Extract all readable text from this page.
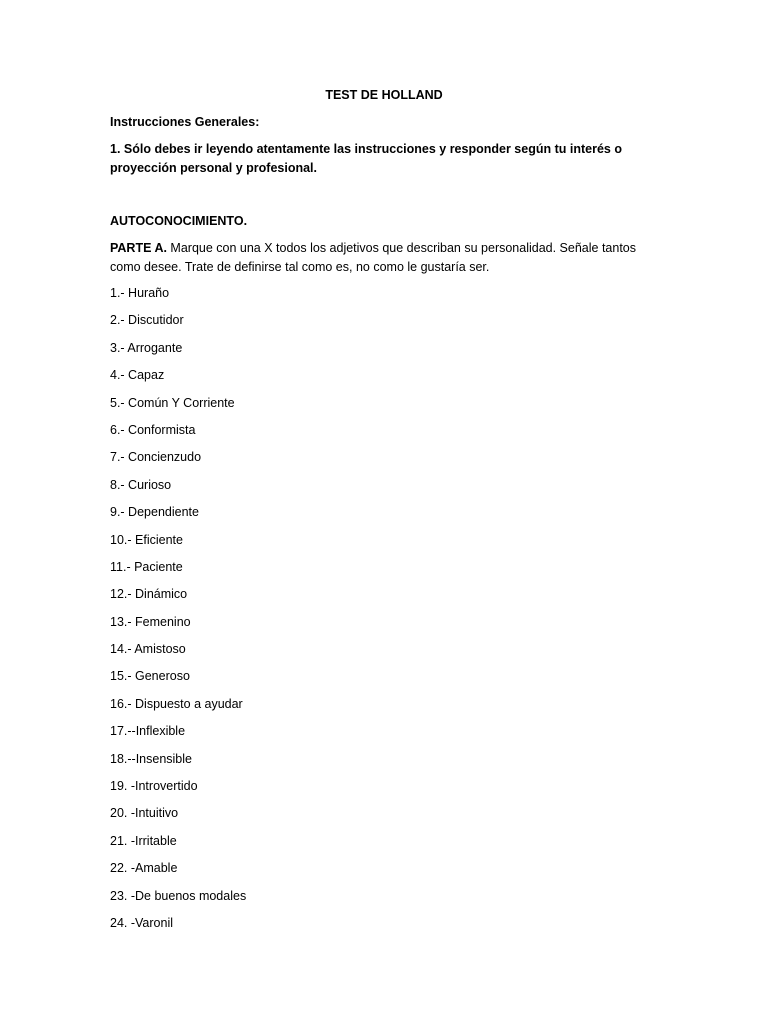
TEST DE HOLLAND
Instrucciones Generales:
1. Sólo debes ir leyendo atentamente las instrucciones y responder según tu interés o proyección personal y profesional.
AUTOCONOCIMIENTO.
PARTE A. Marque con una X todos los adjetivos que describan su personalidad. Señale tantos como desee. Trate de definirse tal como es, no como le gustaría ser.
1.- Huraño
2.- Discutidor
3.- Arrogante
4.- Capaz
5.- Común Y Corriente
6.- Conformista
7.- Concienzudo
8.- Curioso
9.- Dependiente
10.- Eficiente
11.- Paciente
12.- Dinámico
13.- Femenino
14.- Amistoso
15.- Generoso
16.- Dispuesto a ayudar
17.--Inflexible
18.--Insensible
19. -Introvertido
20. -Intuitivo
21. -Irritable
22. -Amable
23. -De buenos modales
24. -Varonil
